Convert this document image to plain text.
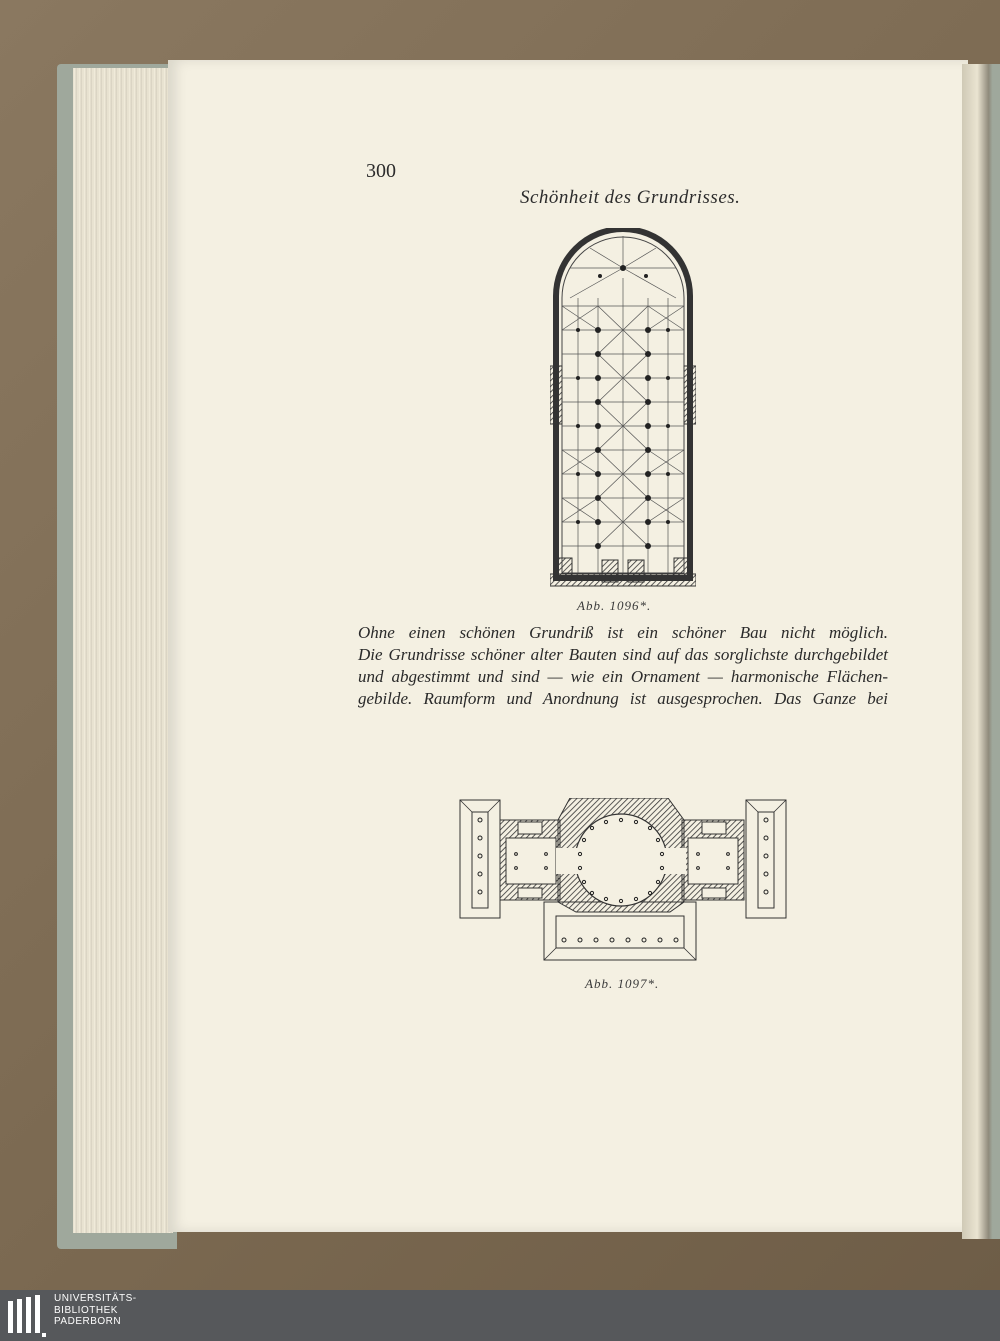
300

Schönheit des Grundrisses.

Abb. 1096*.

Ohne einen schönen Grundriß ist ein schöner Bau nicht möglich.
Die Grundrisse schöner alter Bauten sind auf das sorglichste durchgebildet
und abgestimmt und sind — wie ein Ornament — harmonische Flächen-
gebilde. Raumform und Anordnung ist ausgesprochen. Das Ganze bei

Abb. 1097*.

UNIVERSITÄTS-
BIBLIOTHEK
PADERBORN
